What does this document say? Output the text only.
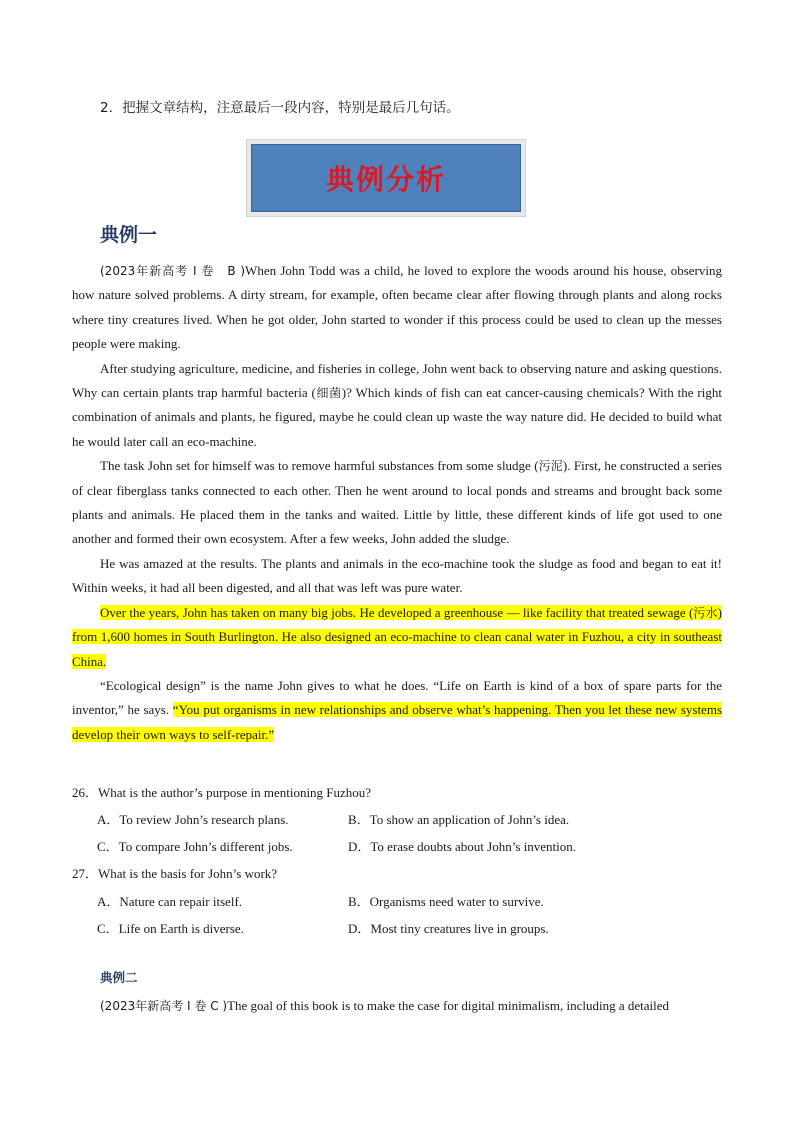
2．把握文章结构，注意最后一段内容，特别是最后几句话。
典例分析
典例一

(2023年新高考 I 卷　B )When John Todd was a child, he loved to explore the woods around his house, observing how nature solved problems. A dirty stream, for example, often became clear after flowing through plants and along rocks where tiny creatures lived. When he got older, John started to wonder if this process could be used to clean up the messes people were making.

After studying agriculture, medicine, and fisheries in college, John went back to observing nature and asking questions. Why can certain plants trap harmful bacteria (细菌)? Which kinds of fish can eat cancer-causing chemicals? With the right combination of animals and plants, he figured, maybe he could clean up waste the way nature did. He decided to build what he would later call an eco-machine.

The task John set for himself was to remove harmful substances from some sludge (污泥). First, he constructed a series of clear fiberglass tanks connected to each other. Then he went around to local ponds and streams and brought back some plants and animals. He placed them in the tanks and waited. Little by little, these different kinds of life got used to one another and formed their own ecosystem. After a few weeks, John added the sludge.

He was amazed at the results. The plants and animals in the eco-machine took the sludge as food and began to eat it! Within weeks, it had all been digested, and all that was left was pure water.

Over the years, John has taken on many big jobs. He developed a greenhouse — like facility that treated sewage (污水) from 1,600 homes in South Burlington. He also designed an eco-machine to clean canal water in Fuzhou, a city in southeast China.

“Ecological design” is the name John gives to what he does. “Life on Earth is kind of a box of spare parts for the inventor,” he says. “You put organisms in new relationships and observe what’s happening. Then you let these new systems develop their own ways to self-repair.”

26．What is the author’s purpose in mentioning Fuzhou?
A．To review John’s research plans.	B．To show an application of John’s idea.
C．To compare John’s different jobs.	D．To erase doubts about John’s invention.
27．What is the basis for John’s work?
A．Nature can repair itself.	B．Organisms need water to survive.
C．Life on Earth is diverse.	D．Most tiny creatures live in groups.
典例二
(2023年新高考 I 卷 C )The goal of this book is to make the case for digital minimalism, including a detailed
